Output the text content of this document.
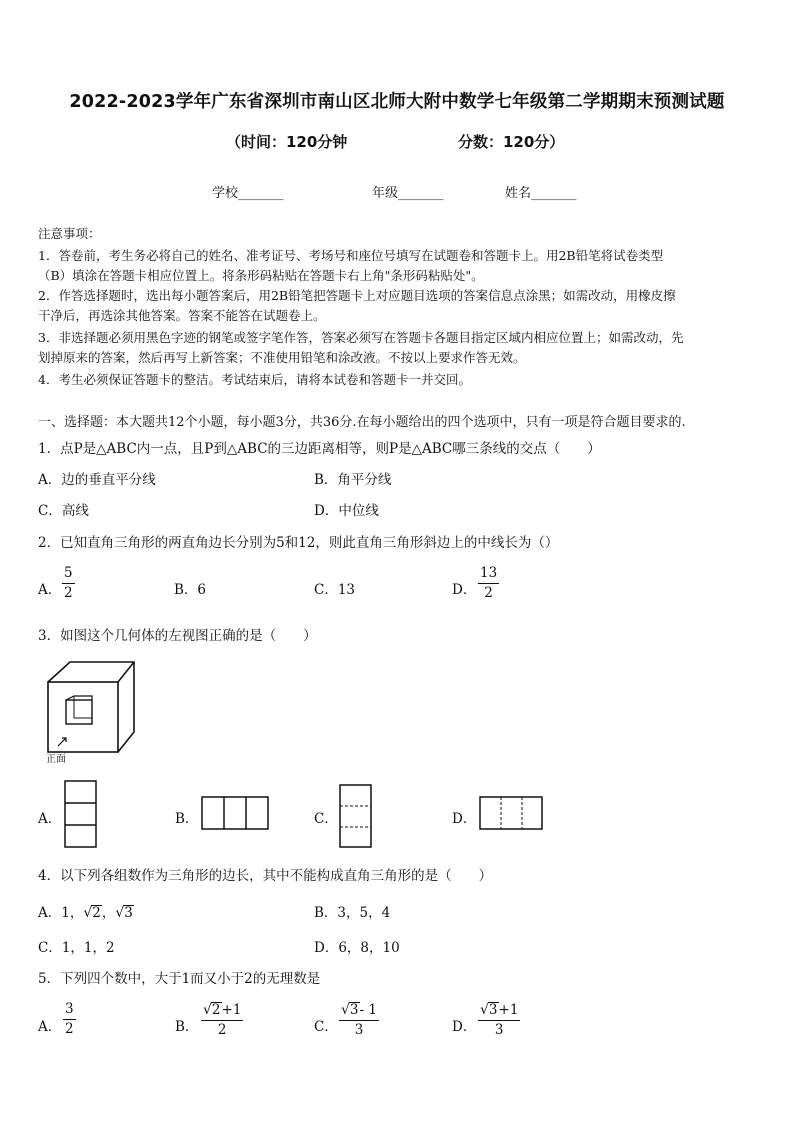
2022-2023学年广东省深圳市南山区北师大附中数学七年级第二学期期末预测试题
（时间：120分钟	分数：120分）
学校_______	年级_______	姓名_______
注意事项：
1．答卷前，考生务必将自己的姓名、准考证号、考场号和座位号填写在试题卷和答题卡上。用2B铅笔将试卷类型
（B）填涂在答题卡相应位置上。将条形码粘贴在答题卡右上角"条形码粘贴处"。
2．作答选择题时，选出每小题答案后，用2B铅笔把答题卡上对应题目选项的答案信息点涂黑；如需改动，用橡皮擦
干净后，再选涂其他答案。答案不能答在试题卷上。
3．非选择题必须用黑色字迹的钢笔或签字笔作答，答案必须写在答题卡各题目指定区域内相应位置上；如需改动，先
划掉原来的答案，然后再写上新答案；不准使用铅笔和涂改液。不按以上要求作答无效。
4．考生必须保证答题卡的整洁。考试结束后，请将本试卷和答题卡一并交回。
一、选择题：本大题共12个小题，每小题3分，共36分.在每小题给出的四个选项中，只有一项是符合题目要求的.
1．点P是△ABC内一点，且P到△ABC的三边距离相等，则P是△ABC哪三条线的交点（　　）
A．边的垂直平分线	B．角平分线
C．高线	D．中位线
2．已知直角三角形的两直角边长分别为5和12，则此直角三角形斜边上的中线长为（）
A． $\frac{5}{2}$	B．6	C．13	D． $\frac{13}{2}$
3．如图这个几何体的左视图正确的是（　　）
正面
A．	B．	C．	D．
4．以下列各组数作为三角形的边长，其中不能构成直角三角形的是（　　）
A．1，√2，√3	B．3，5，4
C．1，1，2	D．6，8，10
5．下列四个数中，大于1而又小于2的无理数是
A． $\frac{3}{2}$	B． $\frac{√2+1}{2}$	C． $\frac{√3- 1}{3}$	D． $\frac{√3+1}{3}$
